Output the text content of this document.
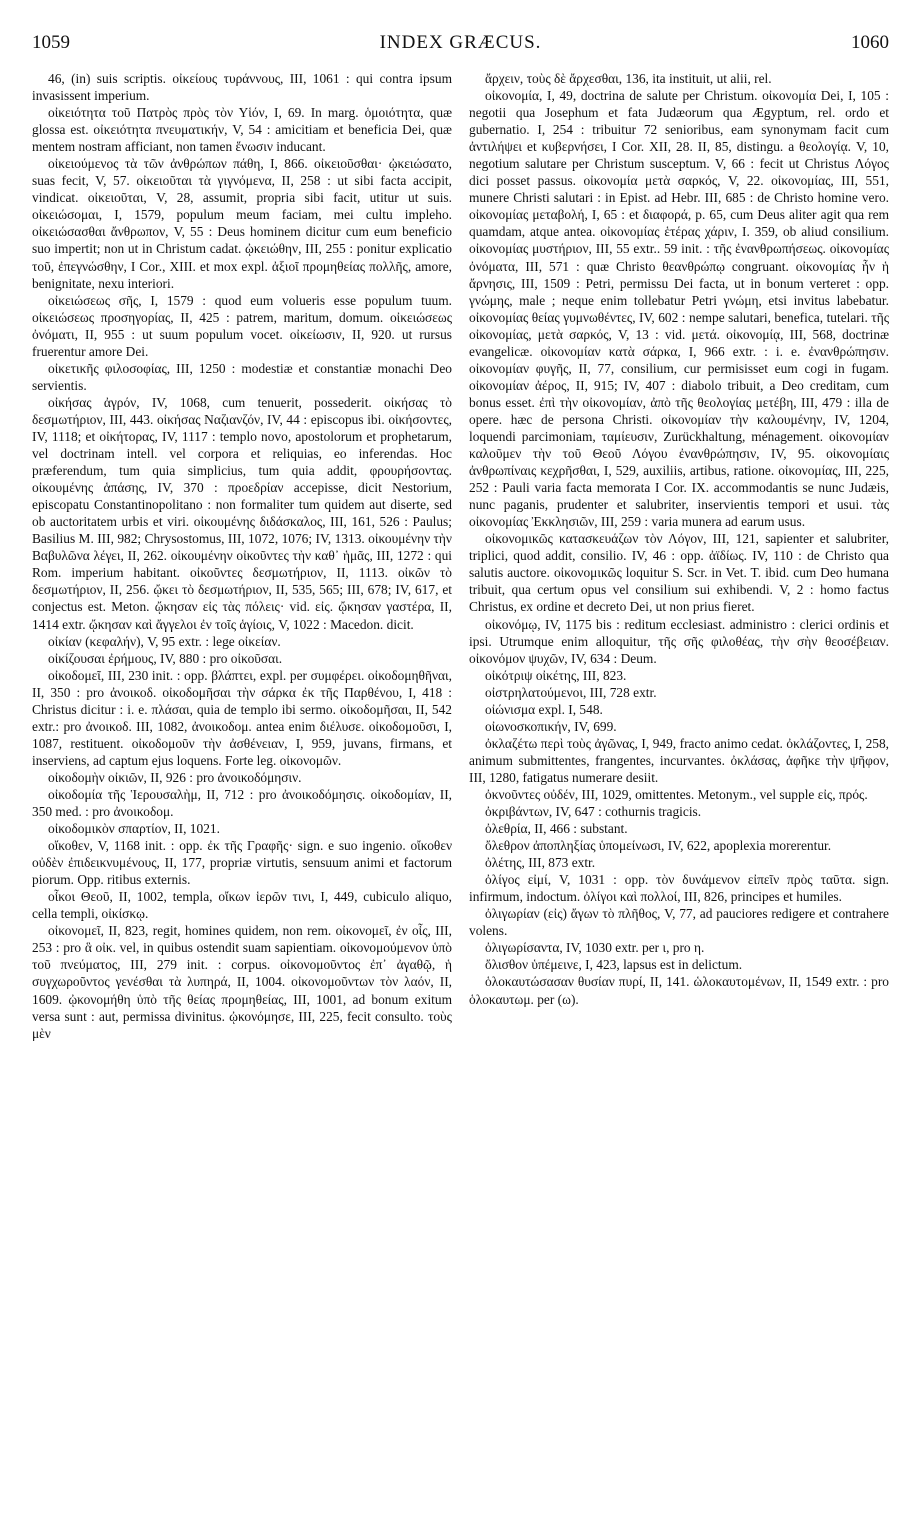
1059	INDEX GRÆCUS.	1060

46, (in) suis scriptis. οἰκείους τυράννους, III, 1061 : qui contra ipsum invasissent imperium.

οἰκειότητα τοῦ Πατρὸς πρὸς τὸν Υἱόν, I, 69. In marg. ὁμοιότητα, quæ glossa est. οἰκειότητα πνευματικήν, V, 54 : amicitiam et beneficia Dei, quæ mentem nostram afficiant, non tamen ἕνωσιν inducant.

οἰκειούμενος τὰ τῶν ἀνθρώπων πάθη, I, 866. οἰκειοῦσθαι· ᾠκειώσατο, suas fecit, V, 57. οἰκειοῦται τὰ γιγνόμενα, II, 258 : ut sibi facta accipit, vindicat. οἰκειοῦται, V, 28, assumit, propria sibi facit, utitur ut suis. οἰκειώσομαι, I, 1579, populum meum faciam, mei cultu impleho. οἰκειώσασθαι ἄνθρωπον, V, 55 : Deus hominem dicitur cum eum beneficio suo impertit; non ut in Christum cadat. ᾠκειώθην, III, 255 : ponitur explicatio τοῦ, ἐπεγνώσθην, I Cor., XIII. et mox expl. ἀξιοῖ προμηθείας πολλῆς, amore, benignitate, nexu interiori.

οἰκειώσεως σῆς, I, 1579 : quod eum volueris esse populum tuum. οἰκειώσεως προσηγορίας, II, 425 : patrem, maritum, domum. οἰκειώσεως ὀνόματι, II, 955 : ut suum populum vocet. οἰκείωσιν, II, 920. ut rursus fruerentur amore Dei.

οἰκετικῆς φιλοσοφίας, III, 1250 : modestiæ et constantiæ monachi Deo servientis.

οἰκήσας ἀγρόν, IV, 1068, cum tenuerit, possederit. οἰκήσας τὸ δεσμωτήριον, III, 443. οἰκήσας Ναζιανζόν, IV, 44 : episcopus ibi. οἰκήσοντες, IV, 1118; et οἰκήτορας, IV, 1117 : templo novo, apostolorum et prophetarum, vel doctrinam intell. vel corpora et reliquias, eo inferendas. Hoc præferendum, tum quia simplicius, tum quia addit, φρουρήσοντας. οἰκουμένης ἁπάσης, IV, 370 : προεδρίαν accepisse, dicit Nestorium, episcopatu Constantinopolitano : non formaliter tum quidem aut diserte, sed ob auctoritatem urbis et viri. οἰκουμένης διδάσκαλος, III, 161, 526 : Paulus; Basilius M. III, 982; Chrysostomus, III, 1072, 1076; IV, 1313. οἰκουμένην τὴν Βαβυλῶνα λέγει, II, 262. οἰκουμένην οἰκοῦντες τὴν καθ᾽ ἡμᾶς, III, 1272 : qui Rom. imperium habitant. οἰκοῦντες δεσμωτήριον, II, 1113. οἰκῶν τὸ δεσμωτήριον, II, 256. ᾤκει τὸ δεσμωτήριον, II, 535, 565; III, 678; IV, 617, et conjectus est. Meton. ᾤκησαν εἰς τὰς πόλεις· vid. εἰς. ᾤκησαν γαστέρα, II, 1414 extr. ᾤκησαν καὶ ἄγγελοι ἐν τοῖς ἁγίοις, V, 1022 : Macedon. dicit.

οἰκίαν (κεφαλήν), V, 95 extr. : lege οἰκείαν.

οἰκίζουσαι ἐρήμους, IV, 880 : pro οἰκοῦσαι.

οἰκοδομεῖ, III, 230 init. : opp. βλάπτει, expl. per συμφέρει. οἰκοδομηθῆναι, II, 350 : pro ἀνοικοδ. οἰκοδομῆσαι τὴν σάρκα ἐκ τῆς Παρθένου, I, 418 : Christus dicitur : i. e. πλάσαι, quia de templo ibi sermo. οἰκοδομῆσαι, II, 542 extr.: pro ἀνοικοδ. III, 1082, ἀνοικοδομ. antea enim διέλυσε. οἰκοδομοῦσι, I, 1087, restituent. οἰκοδομοῦν τὴν ἀσθένειαν, I, 959, juvans, firmans, et inserviens, ad captum ejus loquens. Forte leg. οἰκονομῶν.

οἰκοδομὴν οἰκιῶν, II, 926 : pro ἀνοικοδόμησιν.

οἰκοδομία τῆς Ἱερουσαλὴμ, II, 712 : pro ἀνοικοδόμησις. οἰκοδομίαν, II, 350 med. : pro ἀνοικοδομ.

οἰκοδομικὸν σπαρτίον, II, 1021.

οἴκοθεν, V, 1168 init. : opp. ἐκ τῆς Γραφῆς· sign. e suo ingenio. οἴκοθεν οὐδὲν ἐπιδεικνυμένους, II, 177, propriæ virtutis, sensuum animi et factorum piorum. Opp. ritibus externis.

οἶκοι Θεοῦ, II, 1002, templa, οἴκων ἱερῶν τινι, I, 449, cubiculo aliquo, cella templi, οἰκίσκῳ.

οἰκονομεῖ, II, 823, regit, homines quidem, non rem. οἰκονομεῖ, ἐν οἷς, III, 253 : pro ἃ οἰκ. vel, in quibus ostendit suam sapientiam. οἰκονομούμενον ὑπὸ τοῦ πνεύματος, III, 279 init. : corpus. οἰκονομοῦντος ἐπ᾽ ἀγαθῷ, ἡ συγχωροῦντος γενέσθαι τὰ λυπηρά, II, 1004. οἰκονομοῦντων τὸν λαόν, II, 1609. ᾠκονομήθη ὑπὸ τῆς θείας προμηθείας, III, 1001, ad bonum exitum versa sunt : aut, permissa divinitus. ᾠκονόμησε, III, 225, fecit consulto. τοὺς μὲν

ἄρχειν, τοὺς δὲ ἄρχεσθαι, 136, ita instituit, ut alii, rel.

οἰκονομία, I, 49, doctrina de salute per Christum. οἰκονομία Dei, I, 105 : negotii qua Josephum et fata Judæorum qua Ægyptum, rel. ordo et gubernatio. I, 254 : tribuitur 72 senioribus, eam synonymam facit cum ἀντιλήψει et κυβερνήσει, I Cor. XII, 28. II, 85, distingu. a θεολογίᾳ. V, 10, negotium salutare per Christum susceptum. V, 66 : fecit ut Christus Λόγος dici posset passus. οἰκονομία μετὰ σαρκός, V, 22. οἰκονομίας, III, 551, munere Christi salutari : in Epist. ad Hebr. III, 685 : de Christo homine vero. οἰκονομίας μεταβολή, I, 65 : et διαφορά, p. 65, cum Deus aliter agit qua rem quamdam, atque antea. οἰκονομίας ἑτέρας χάριν, I. 359, ob aliud consilium. οἰκονομίας μυστήριον, III, 55 extr.. 59 init. : τῆς ἐνανθρωπήσεως. οἰκονομίας ὀνόματα, III, 571 : quæ Christo θεανθρώπῳ congruant. οἰκονομίας ἦν ἡ ἄρνησις, III, 1509 : Petri, permissu Dei facta, ut in bonum verteret : opp. γνώμης, male ; neque enim tollebatur Petri γνώμη, etsi invitus labebatur. οἰκονομίας θείας γυμνωθέντες, IV, 602 : nempe salutari, benefica, tutelari. τῆς οἰκονομίας, μετὰ σαρκός, V, 13 : vid. μετά. οἰκονομίᾳ, III, 568, doctrinæ evangelicæ. οἰκονομίαν κατὰ σάρκα, I, 966 extr. : i. e. ἐνανθρώπησιν. οἰκονομίαν φυγῆς, II, 77, consilium, cur permisisset eum cogi in fugam. οἰκονομίαν ἀέρος, II, 915; IV, 407 : diabolo tribuit, a Deo creditam, cum bonus esset. ἐπὶ τὴν οἰκονομίαν, ἀπὸ τῆς θεολογίας μετέβη, III, 479 : illa de opere. hæc de persona Christi. οἰκονομίαν τὴν καλουμένην, IV, 1204, loquendi parcimoniam, ταμίευσιν, Zurückhaltung, ménagement. οἰκονομίαν καλοῦμεν τὴν τοῦ Θεοῦ Λόγου ἐνανθρώπησιν, IV, 95. οἰκονομίαις ἀνθρωπίναις κεχρῆσθαι, I, 529, auxiliis, artibus, ratione. οἰκονομίας, III, 225, 252 : Pauli varia facta memorata I Cor. IX. accommodantis se nunc Judæis, nunc paganis, prudenter et salubriter, inservientis tempori et usui. τὰς οἰκονομίας Ἐκκλησιῶν, III, 259 : varia munera ad earum usus.

οἰκονομικῶς κατασκευάζων τὸν Λόγον, III, 121, sapienter et salubriter, triplici, quod addit, consilio. IV, 46 : opp. ἀϊδίως. IV, 110 : de Christo qua salutis auctore. οἰκονομικῶς loquitur S. Scr. in Vet. T. ibid. cum Deo humana tribuit, qua certum opus vel consilium sui exhibendi. V, 2 : homo factus Christus, ex ordine et decreto Dei, ut non prius fieret.

οἰκονόμῳ, IV, 1175 bis : reditum ecclesiast. administro : clerici ordinis et ipsi. Utrumque enim alloquitur, τῆς σῆς φιλοθέας, τὴν σὴν θεοσέβειαν. οἰκονόμον ψυχῶν, IV, 634 : Deum.

οἰκότριψ οἰκέτης, III, 823.

οἰστρηλατούμενοι, III, 728 extr.

οἰώνισμα expl. I, 548.

οἰωνοσκοπικήν, IV, 699.

ὀκλαζέτω περὶ τοὺς ἀγῶνας, I, 949, fracto animo cedat. ὀκλάζοντες, I, 258, animum submittentes, frangentes, incurvantes. ὀκλάσας, ἀφῆκε τὴν ψῆφον, III, 1280, fatigatus numerare desiit.

ὀκνοῦντες οὐδέν, III, 1029, omittentes. Metonym., vel supple εἰς, πρός.

ὀκριβάντων, IV, 647 : cothurnis tragicis.

ὀλεθρία, II, 466 : substant.

ὄλεθρον ἀποπληξίας ὑπομείνωσι, IV, 622, apoplexia morerentur.

ὀλέτης, III, 873 extr.

ὀλίγος εἰμί, V, 1031 : opp. τὸν δυνάμενον εἰπεῖν πρὸς ταῦτα. sign. infirmum, indoctum. ὀλίγοι καὶ πολλοί, III, 826, principes et humiles.

ὀλιγωρίαν (εἰς) ἄγων τὸ πλῆθος, V, 77, ad pauciores redigere et contrahere volens.

ὀλιγωρίσαντα, IV, 1030 extr. per ι, pro η.

ὄλισθον ὑπέμεινε, I, 423, lapsus est in delictum.

ὁλοκαυτώσασαν θυσίαν πυρί, II, 141. ὡλοκαυτομένων, II, 1549 extr. : pro ὁλοκαυτωμ. per (ω).
